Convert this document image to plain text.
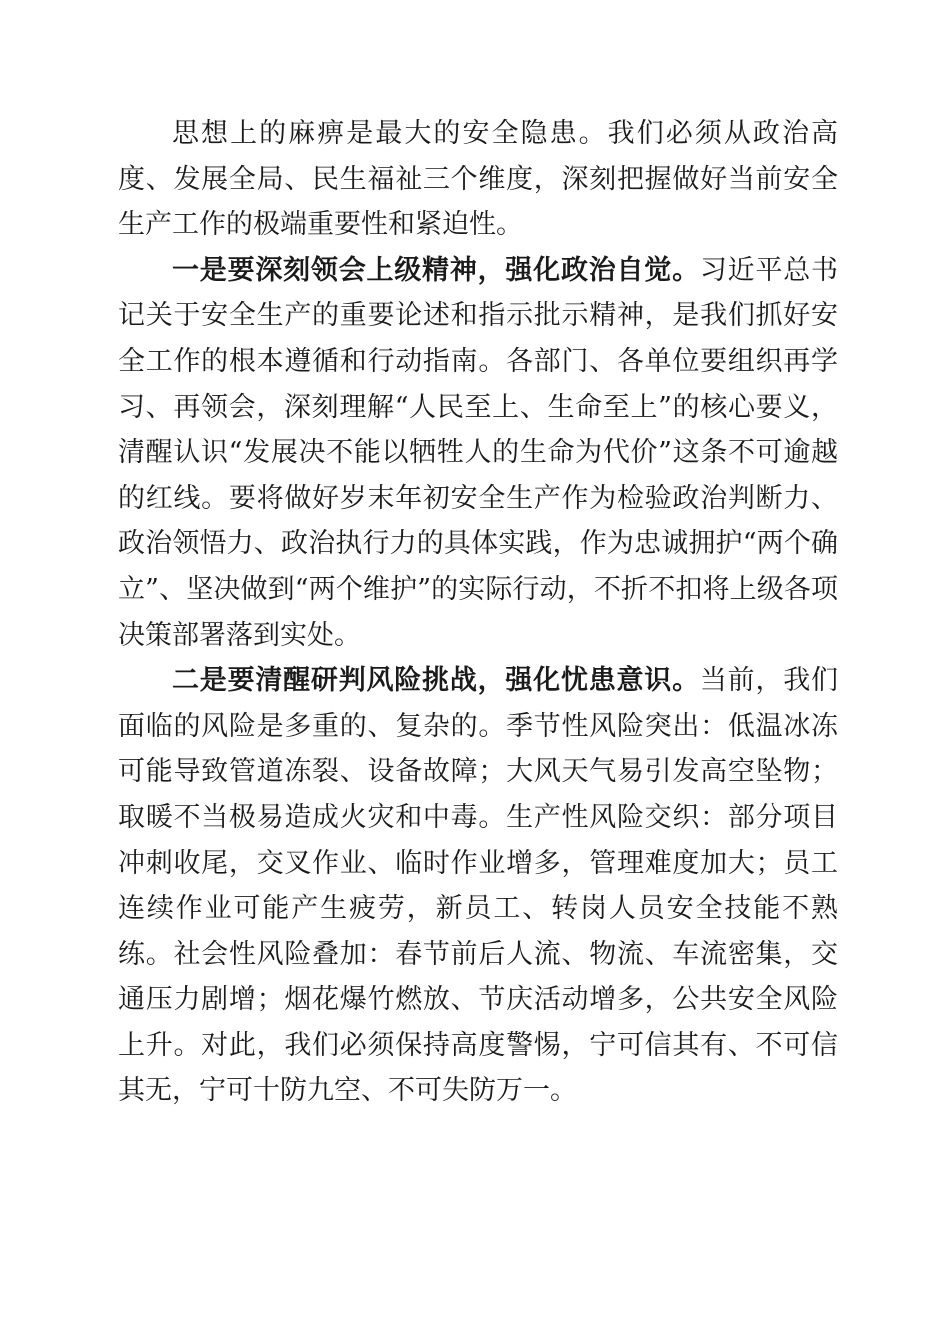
思想上的麻痹是最大的安全隐患。我们必须从政治高度、发展全局、民生福祉三个维度，深刻把握做好当前安全生产工作的极端重要性和紧迫性。

一是要深刻领会上级精神，强化政治自觉。习近平总书记关于安全生产的重要论述和指示批示精神，是我们抓好安全工作的根本遵循和行动指南。各部门、各单位要组织再学习、再领会，深刻理解“人民至上、生命至上”的核心要义，清醒认识“发展决不能以牺牲人的生命为代价”这条不可逾越的红线。要将做好岁末年初安全生产作为检验政治判断力、政治领悟力、政治执行力的具体实践，作为忠诚拥护“两个确立”、坚决做到“两个维护”的实际行动，不折不扣将上级各项决策部署落到实处。

二是要清醒研判风险挑战，强化忧患意识。当前，我们面临的风险是多重的、复杂的。季节性风险突出：低温冰冻可能导致管道冻裂、设备故障；大风天气易引发高空坠物；取暖不当极易造成火灾和中毒。生产性风险交织：部分项目冲刺收尾，交叉作业、临时作业增多，管理难度加大；员工连续作业可能产生疲劳，新员工、转岗人员安全技能不熟练。社会性风险叠加：春节前后人流、物流、车流密集，交通压力剧增；烟花爆竹燃放、节庆活动增多，公共安全风险上升。对此，我们必须保持高度警惕，宁可信其有、不可信其无，宁可十防九空、不可失防万一。
